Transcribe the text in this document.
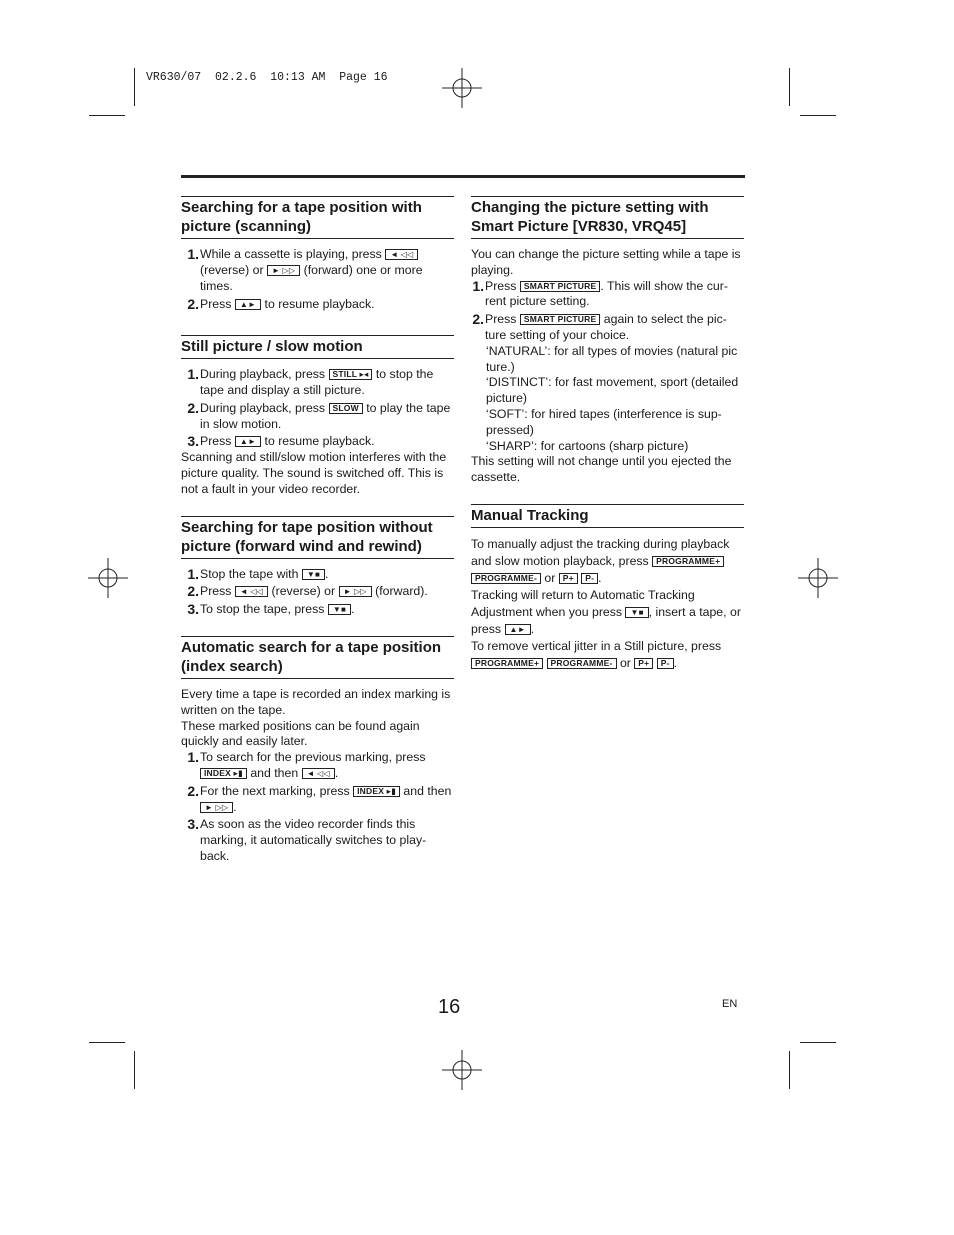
VR630/07  02.2.6  10:13 AM  Page 16
Searching for a tape position with picture (scanning)
1. While a cassette is playing, press ◄ ◁◁ (reverse) or ► ▷▷ (forward) one or more times.
2. Press ▲► to resume playback.
Still picture / slow motion
1. During playback, press STILL ▸◂ to stop the tape and display a still picture.
2. During playback, press SLOW to play the tape in slow motion.
3. Press ▲► to resume playback.

Scanning and still/slow motion interferes with the picture quality. The sound is switched off. This is not a fault in your video recorder.

Searching for tape position without picture (forward wind and rewind)
1. Stop the tape with ▼■ .
2. Press ◄ ◁◁ (reverse) or ► ▷▷ (forward).
3. To stop the tape, press ▼■ .
Automatic search for a tape position (index search)

Every time a tape is recorded an index marking is written on the tape.

These marked positions can be found again quickly and easily later.

1. To search for the previous marking, press INDEX ▸▮ and then ◄ ◁◁ .
2. For the next marking, press INDEX ▸▮ and then ► ▷▷ .
3. As soon as the video recorder finds this marking, it automatically switches to play-back.
Changing the picture setting with Smart Picture [VR830, VRQ45]

You can change the picture setting while a tape is playing.

1. Press SMART PICTURE . This will show the cur-rent picture setting.
2. Press SMART PICTURE again to select the pic-ture setting of your choice.

‘NATURAL’: for all types of movies (natural pic ture.)

‘DISTINCT’: for fast movement, sport (detailed picture)

‘SOFT’: for hired tapes (interference is sup-pressed)

‘SHARP’: for cartoons (sharp picture)

This setting will not change until you ejected the cassette.

Manual Tracking

To manually adjust the tracking during playback and slow motion playback, press PROGRAMME+ PROGRAMME- or P+ P- .

Tracking will return to Automatic Tracking Adjustment when you press ▼■ , insert a tape, or press ▲► .

To remove vertical jitter in a Still picture, press PROGRAMME+ PROGRAMME- or P+ P- .

16	EN
